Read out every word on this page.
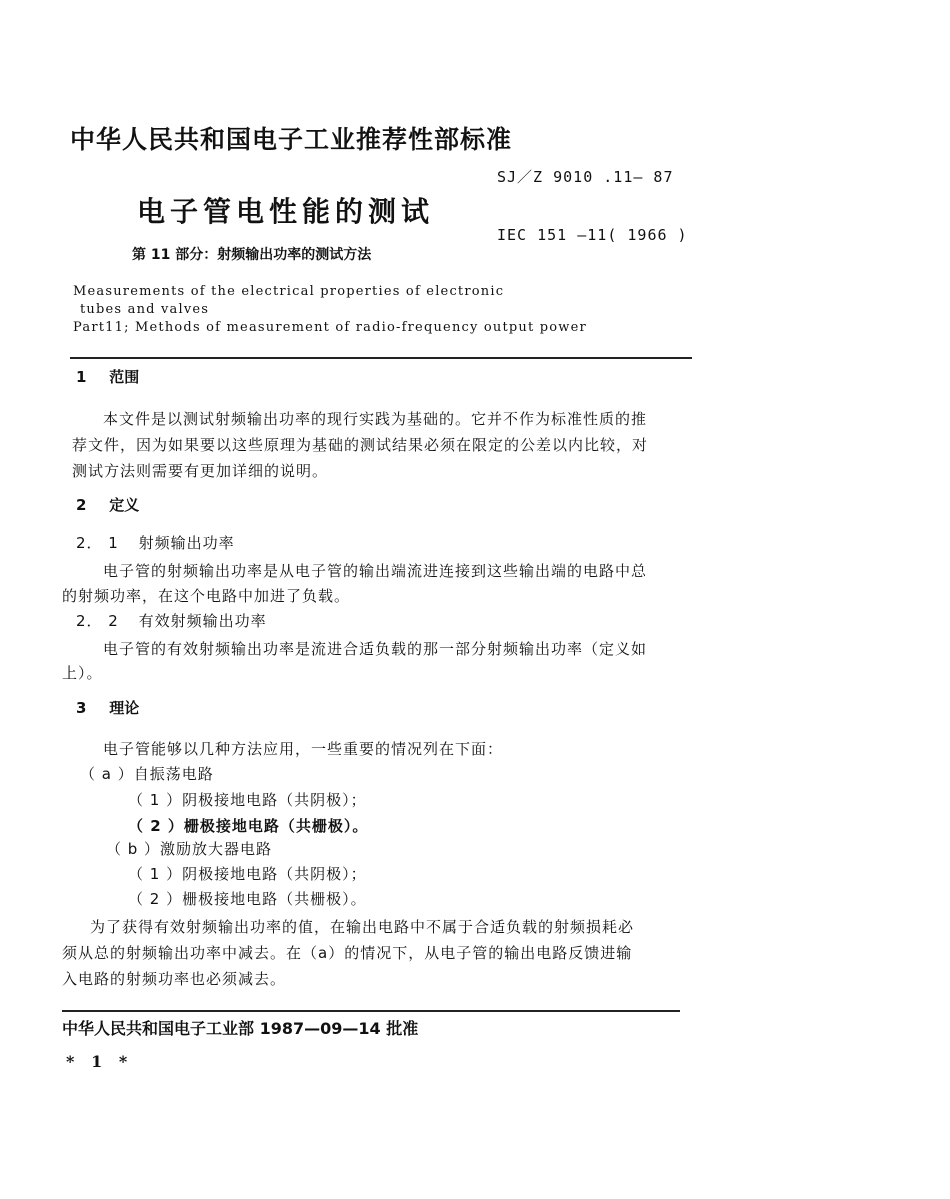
中华人民共和国电子工业推荐性部标准
SJ／Z 9010 .11— 87
电子管电性能的测试
IEC 151 —11( 1966 )
第 11 部分：射频输出功率的测试方法
Measurements of the electrical properties of electronic
tubes and valves
Part11; Methods of measurement of radio-frequency output power
1 范围
本文件是以测试射频输出功率的现行实践为基础的。它并不作为标准性质的推
荐文件，因为如果要以这些原理为基础的测试结果必须在限定的公差以内比较，对
测试方法则需要有更加详细的说明。
2 定义
2． 1 射频输出功率
电子管的射频输出功率是从电子管的输出端流进连接到这些输出端的电路中总
的射频功率，在这个电路中加进了负载。
2． 2 有效射频输出功率
电子管的有效射频输出功率是流进合适负载的那一部分射频输出功率（定义如
上）。
3 理论
电子管能够以几种方法应用，一些重要的情况列在下面：
（ a ）自振荡电路
（ 1 ）阴极接地电路（共阴极）；
（ 2 ）栅极接地电路（共栅极）。
（ b ）激励放大器电路
（ 1 ）阴极接地电路（共阴极）；
（ 2 ）栅极接地电路（共栅极）。
为了获得有效射频输出功率的值，在输出电路中不属于合适负载的射频损耗必
须从总的射频输出功率中减去。在（a）的情况下，从电子管的输出电路反馈进输
入电路的射频功率也必须减去。
中华人民共和国电子工业部 1987—09—14 批准
*   1   *
